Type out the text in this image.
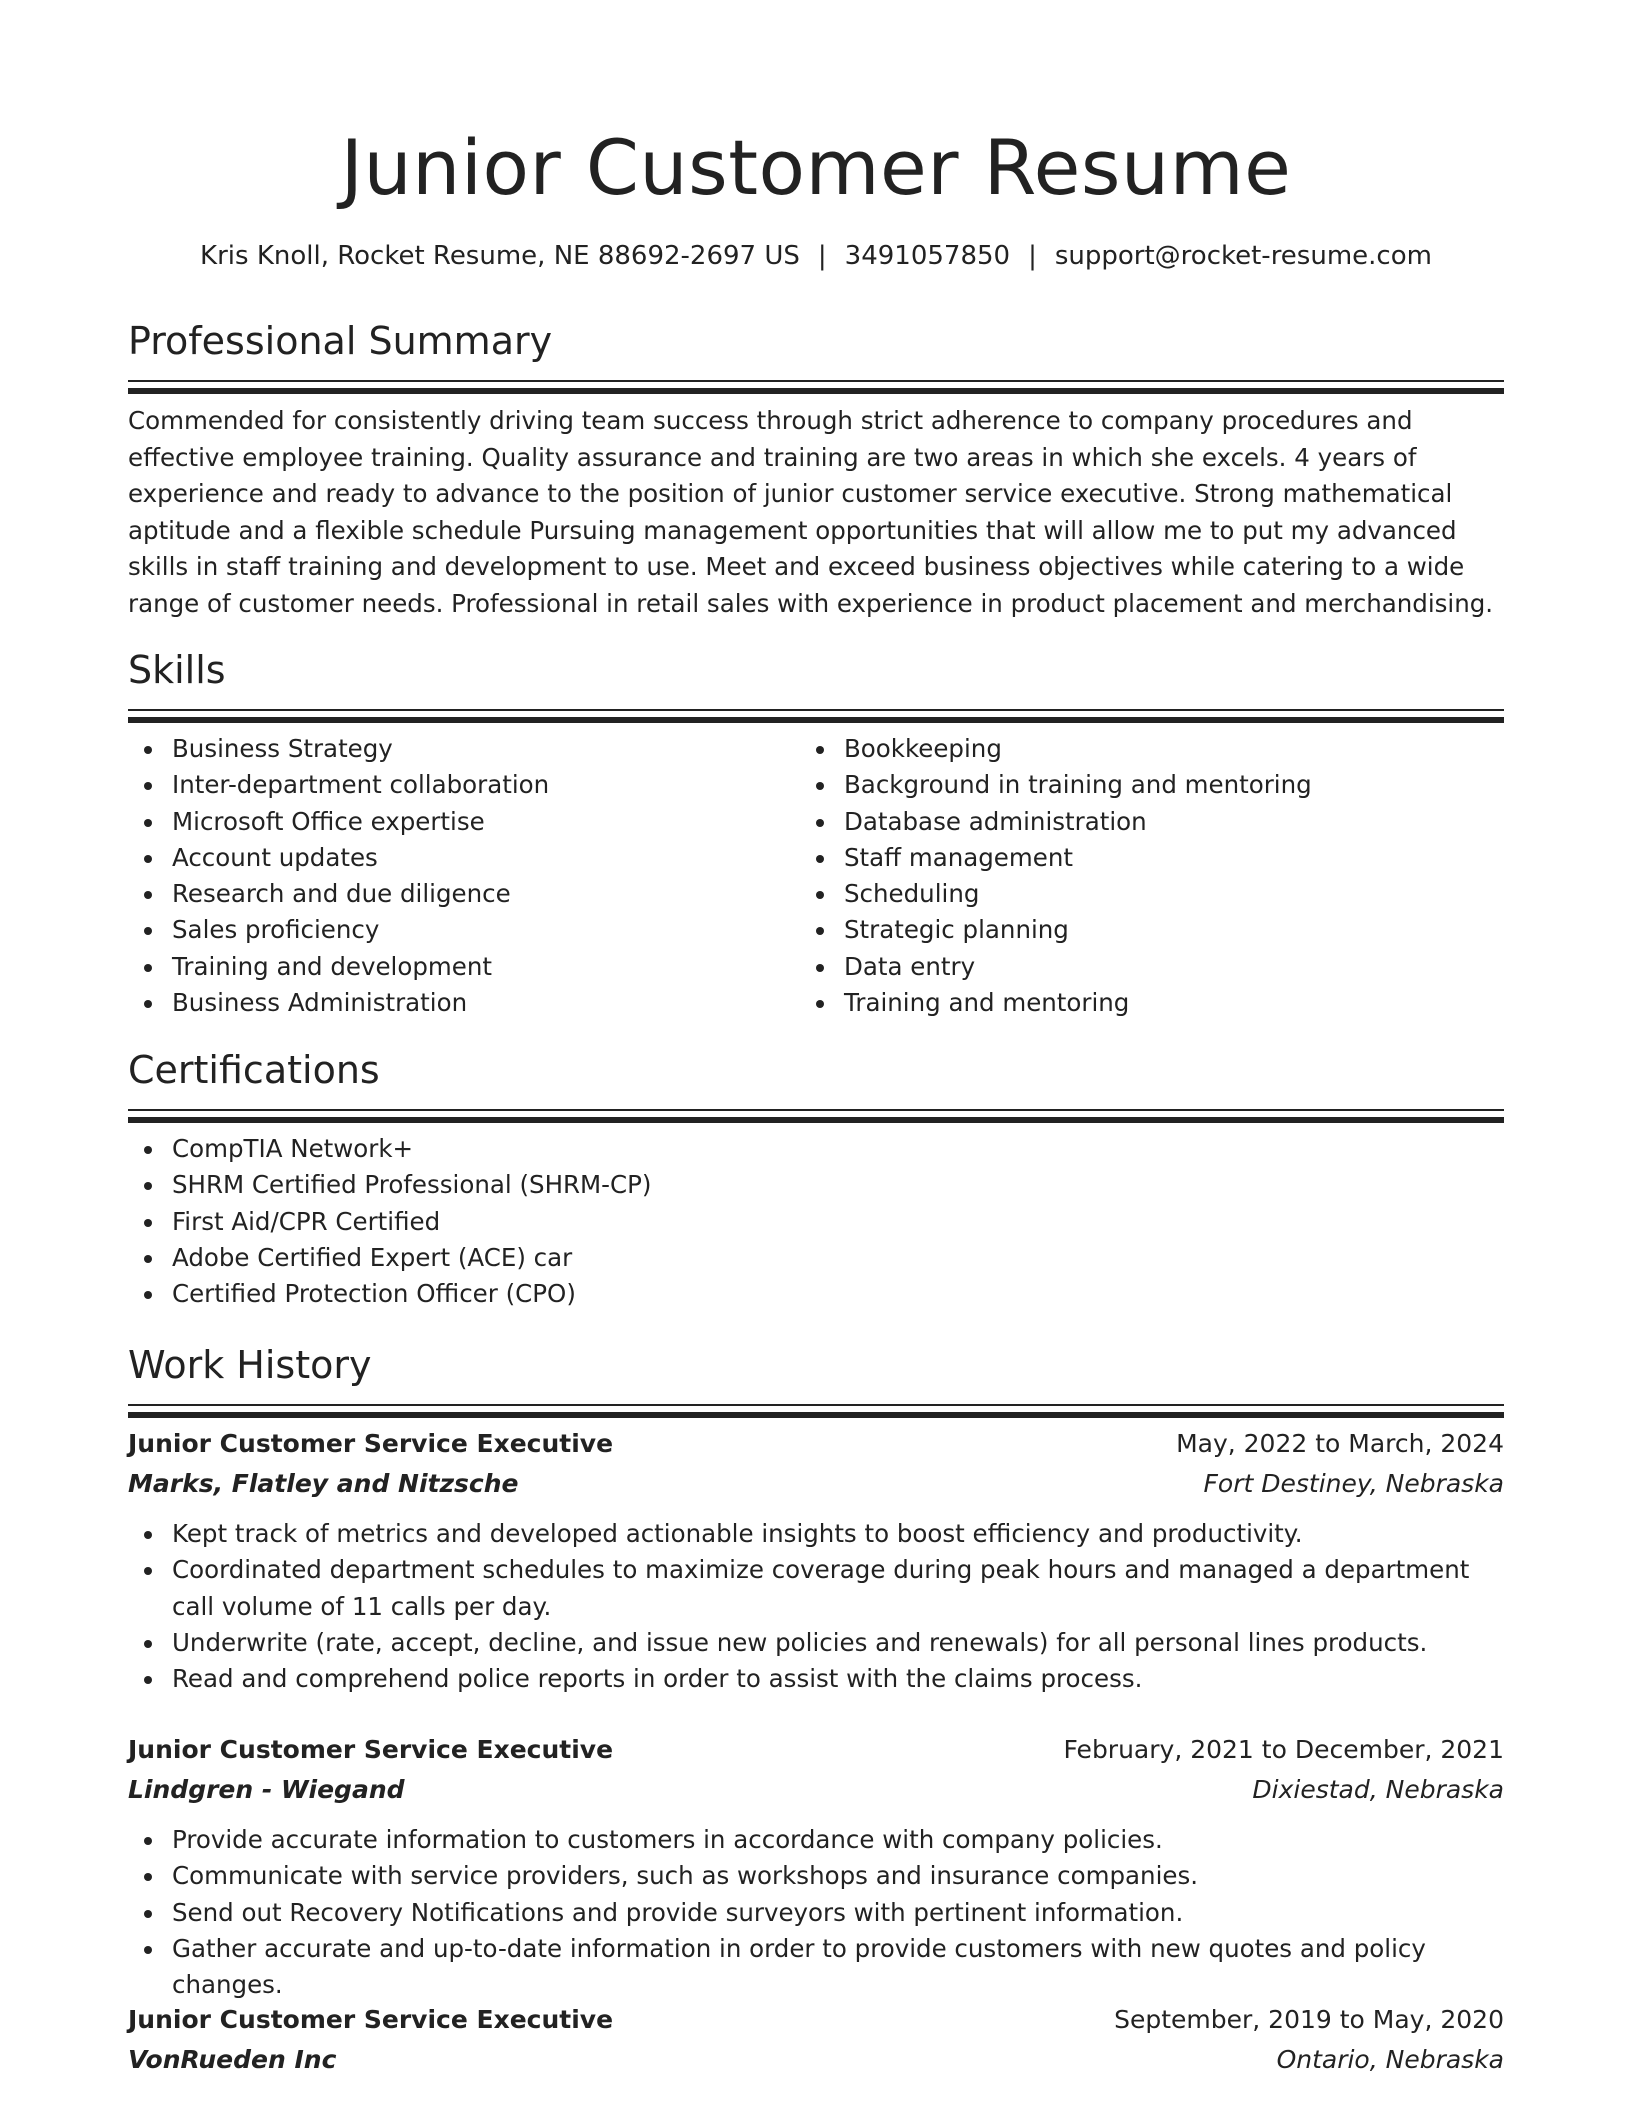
Junior Customer Resume
Kris Knoll, Rocket Resume, NE 88692-2697 US | 3491057850 | support@rocket-resume.com
Professional Summary

Commended for consistently driving team success through strict adherence to company procedures and effective employee training. Quality assurance and training are two areas in which she excels. 4 years of experience and ready to advance to the position of junior customer service executive. Strong mathematical aptitude and a flexible schedule Pursuing management opportunities that will allow me to put my advanced skills in staff training and development to use. Meet and exceed business objectives while catering to a wide range of customer needs. Professional in retail sales with experience in product placement and merchandising.

Skills
Business Strategy
Inter-department collaboration
Microsoft Office expertise
Account updates
Research and due diligence
Sales proficiency
Training and development
Business Administration
Bookkeeping
Background in training and mentoring
Database administration
Staff management
Scheduling
Strategic planning
Data entry
Training and mentoring
Certifications
CompTIA Network+
SHRM Certified Professional (SHRM-CP)
First Aid/CPR Certified
Adobe Certified Expert (ACE) car
Certified Protection Officer (CPO)
Work History
Junior Customer Service Executive	May, 2022 to March, 2024
Marks, Flatley and Nitzsche	Fort Destiney, Nebraska
Kept track of metrics and developed actionable insights to boost efficiency and productivity.
Coordinated department schedules to maximize coverage during peak hours and managed a department call volume of 11 calls per day.
Underwrite (rate, accept, decline, and issue new policies and renewals) for all personal lines products.
Read and comprehend police reports in order to assist with the claims process.
Junior Customer Service Executive	February, 2021 to December, 2021
Lindgren - Wiegand	Dixiestad, Nebraska
Provide accurate information to customers in accordance with company policies.
Communicate with service providers, such as workshops and insurance companies.
Send out Recovery Notifications and provide surveyors with pertinent information.
Gather accurate and up-to-date information in order to provide customers with new quotes and policy changes.
Junior Customer Service Executive	September, 2019 to May, 2020
VonRueden Inc	Ontario, Nebraska
